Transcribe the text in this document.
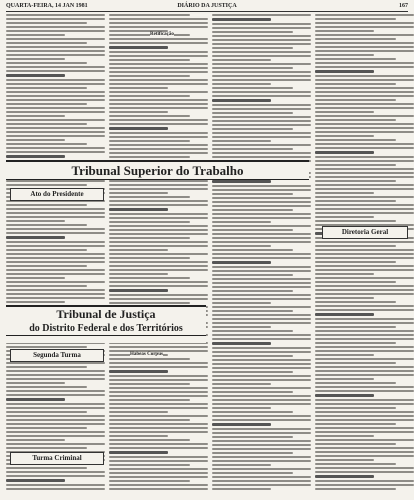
QUARTA-FEIRA, 14 JAN 1981	DIÁRIO DA JUSTIÇA	167
Retificação
Tribunal Superior do Trabalho
Ato do Presidente
Tribunal de Justiça
do Distrito Federal e dos Territórios
Segunda Turma	Habeas Corpus
Turma Criminal
Diretoria Geral
